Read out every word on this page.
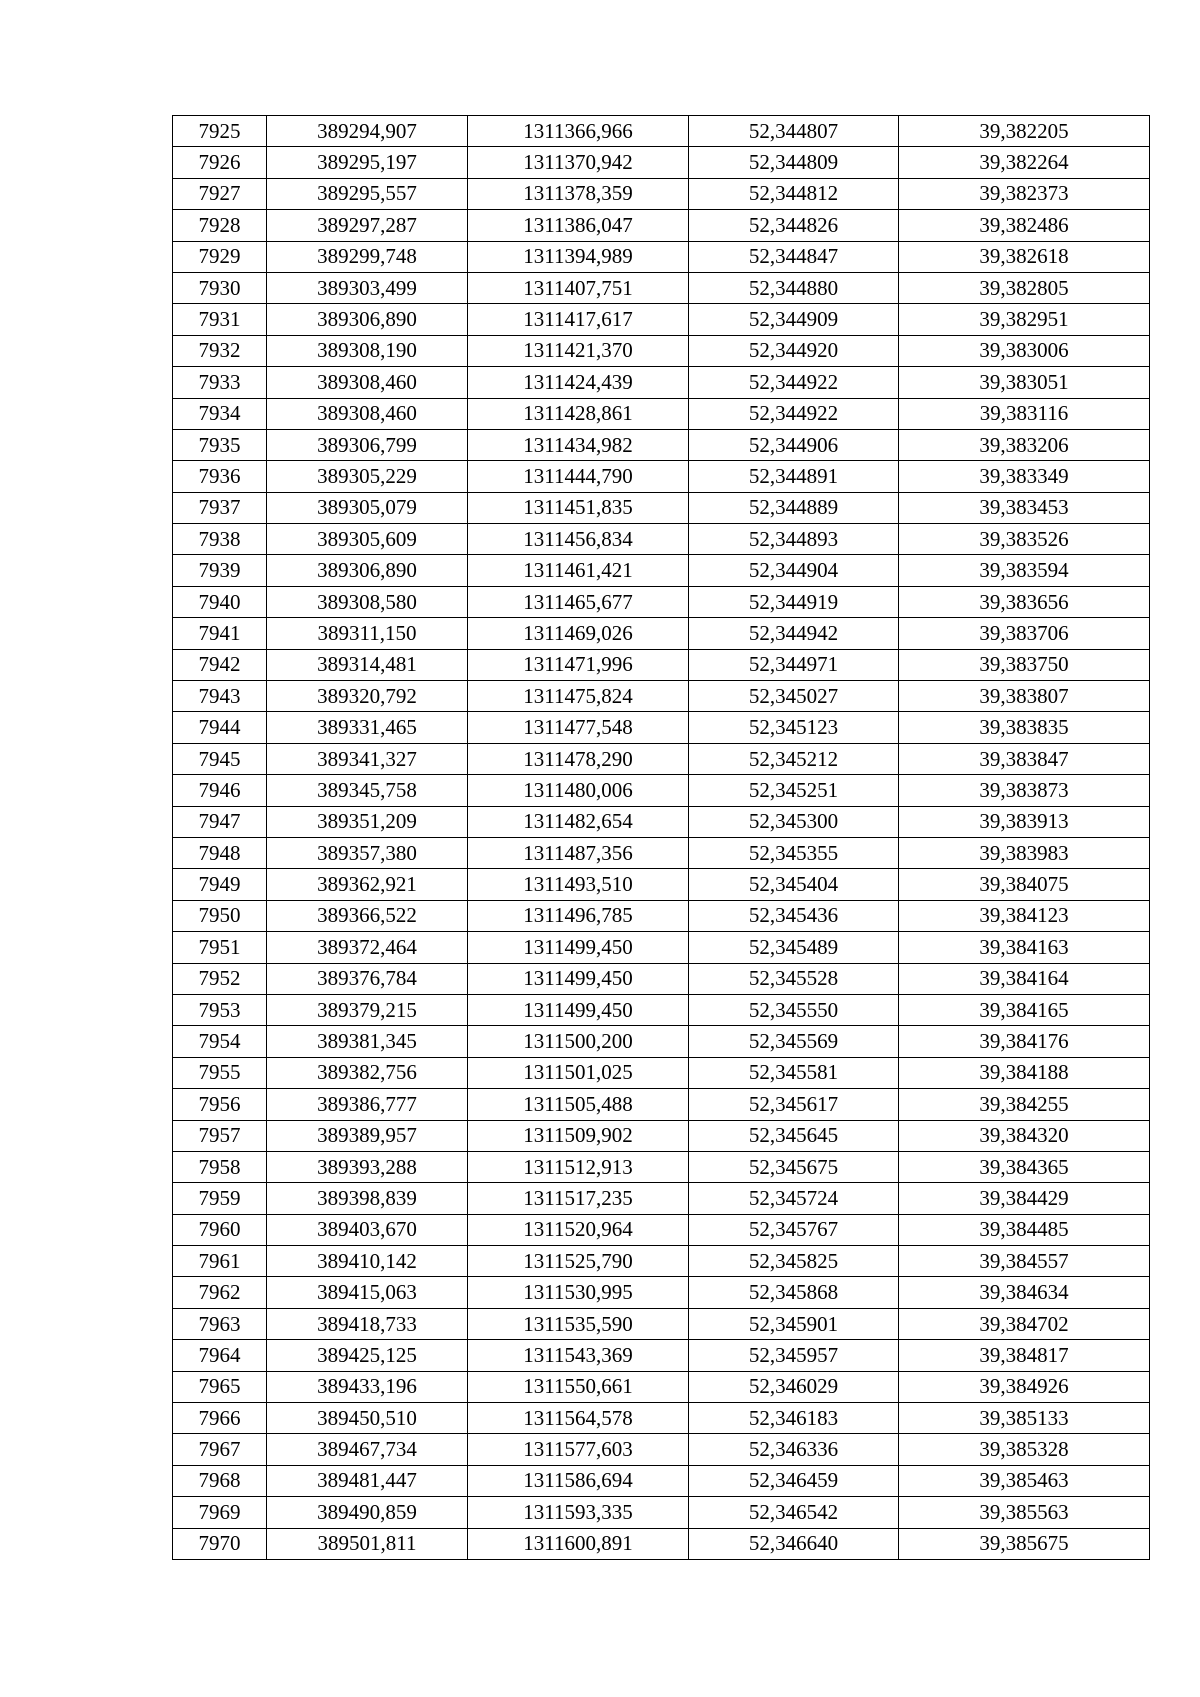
7925	389294,907	1311366,966	52,344807	39,382205
7926	389295,197	1311370,942	52,344809	39,382264
7927	389295,557	1311378,359	52,344812	39,382373
7928	389297,287	1311386,047	52,344826	39,382486
7929	389299,748	1311394,989	52,344847	39,382618
7930	389303,499	1311407,751	52,344880	39,382805
7931	389306,890	1311417,617	52,344909	39,382951
7932	389308,190	1311421,370	52,344920	39,383006
7933	389308,460	1311424,439	52,344922	39,383051
7934	389308,460	1311428,861	52,344922	39,383116
7935	389306,799	1311434,982	52,344906	39,383206
7936	389305,229	1311444,790	52,344891	39,383349
7937	389305,079	1311451,835	52,344889	39,383453
7938	389305,609	1311456,834	52,344893	39,383526
7939	389306,890	1311461,421	52,344904	39,383594
7940	389308,580	1311465,677	52,344919	39,383656
7941	389311,150	1311469,026	52,344942	39,383706
7942	389314,481	1311471,996	52,344971	39,383750
7943	389320,792	1311475,824	52,345027	39,383807
7944	389331,465	1311477,548	52,345123	39,383835
7945	389341,327	1311478,290	52,345212	39,383847
7946	389345,758	1311480,006	52,345251	39,383873
7947	389351,209	1311482,654	52,345300	39,383913
7948	389357,380	1311487,356	52,345355	39,383983
7949	389362,921	1311493,510	52,345404	39,384075
7950	389366,522	1311496,785	52,345436	39,384123
7951	389372,464	1311499,450	52,345489	39,384163
7952	389376,784	1311499,450	52,345528	39,384164
7953	389379,215	1311499,450	52,345550	39,384165
7954	389381,345	1311500,200	52,345569	39,384176
7955	389382,756	1311501,025	52,345581	39,384188
7956	389386,777	1311505,488	52,345617	39,384255
7957	389389,957	1311509,902	52,345645	39,384320
7958	389393,288	1311512,913	52,345675	39,384365
7959	389398,839	1311517,235	52,345724	39,384429
7960	389403,670	1311520,964	52,345767	39,384485
7961	389410,142	1311525,790	52,345825	39,384557
7962	389415,063	1311530,995	52,345868	39,384634
7963	389418,733	1311535,590	52,345901	39,384702
7964	389425,125	1311543,369	52,345957	39,384817
7965	389433,196	1311550,661	52,346029	39,384926
7966	389450,510	1311564,578	52,346183	39,385133
7967	389467,734	1311577,603	52,346336	39,385328
7968	389481,447	1311586,694	52,346459	39,385463
7969	389490,859	1311593,335	52,346542	39,385563
7970	389501,811	1311600,891	52,346640	39,385675
